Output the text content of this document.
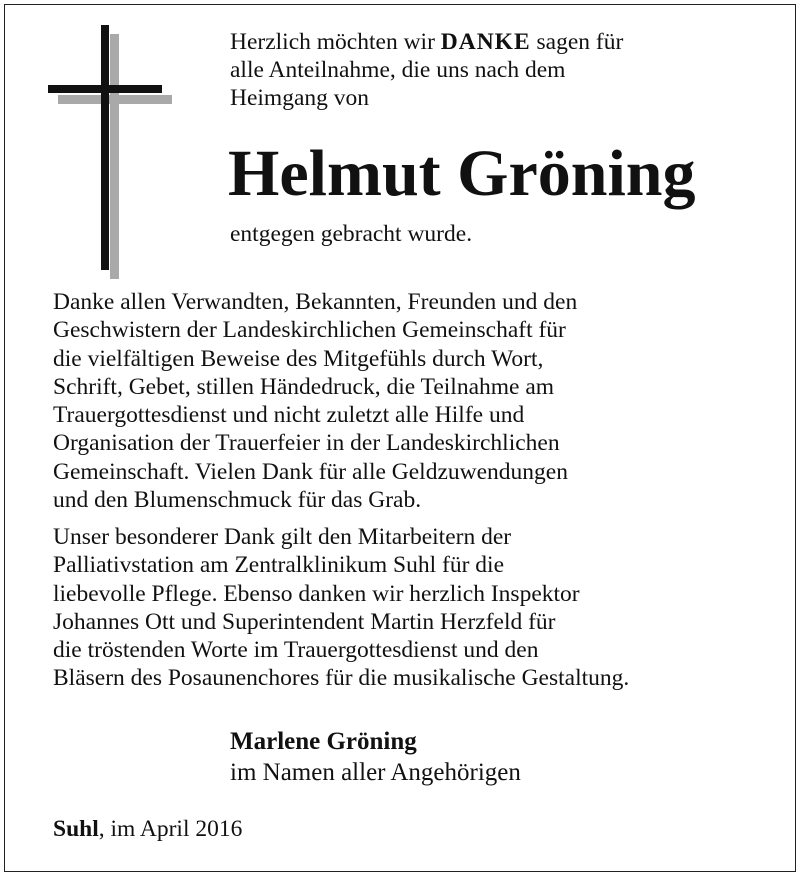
Herzlich möchten wir DANKE sagen für
alle Anteilnahme, die uns nach dem
Heimgang von
Helmut Gröning
entgegen gebracht wurde.
Danke allen Verwandten, Bekannten, Freunden und den
Geschwistern der Landeskirchlichen Gemeinschaft für
die vielfältigen Beweise des Mitgefühls durch Wort,
Schrift, Gebet, stillen Händedruck, die Teilnahme am
Trauergottesdienst und nicht zuletzt alle Hilfe und
Organisation der Trauerfeier in der Landeskirchlichen
Gemeinschaft. Vielen Dank für alle Geldzuwendungen
und den Blumenschmuck für das Grab.
Unser besonderer Dank gilt den Mitarbeitern der
Palliativstation am Zentralklinikum Suhl für die
liebevolle Pflege. Ebenso danken wir herzlich Inspektor
Johannes Ott und Superintendent Martin Herzfeld für
die tröstenden Worte im Trauergottesdienst und den
Bläsern des Posaunenchores für die musikalische Gestaltung.
Marlene Gröning
im Namen aller Angehörigen
Suhl, im April 2016
